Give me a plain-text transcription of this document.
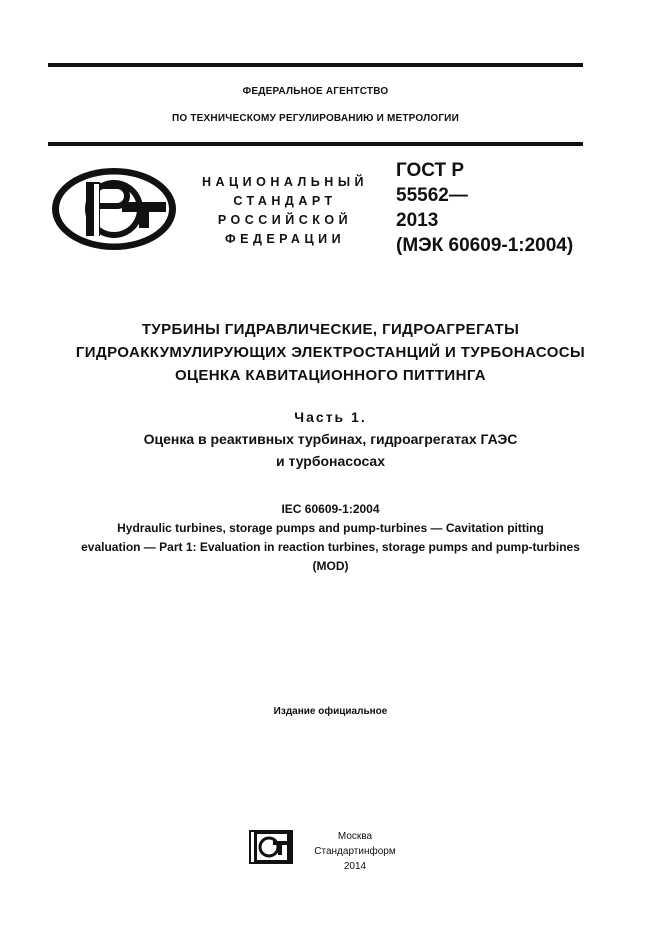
ФЕДЕРАЛЬНОЕ АГЕНТСТВО
ПО ТЕХНИЧЕСКОМУ РЕГУЛИРОВАНИЮ И МЕТРОЛОГИИ
НАЦИОНАЛЬНЫЙ
СТАНДАРТ
РОССИЙСКОЙ
ФЕДЕРАЦИИ
ГОСТ Р
55562—
2013
(МЭК 60609-1:2004)
ТУРБИНЫ ГИДРАВЛИЧЕСКИЕ, ГИДРОАГРЕГАТЫ
ГИДРОАККУМУЛИРУЮЩИХ ЭЛЕКТРОСТАНЦИЙ И ТУРБОНАСОСЫ
ОЦЕНКА КАВИТАЦИОННОГО ПИТТИНГА
Часть 1.
Оценка в реактивных турбинах, гидроагрегатах ГАЭС
и турбонасосах
IEC 60609-1:2004
Hydraulic turbines, storage pumps and pump-turbines — Cavitation pitting
evaluation — Part 1: Evaluation in reaction turbines, storage pumps and pump-turbines
(MOD)
Издание официальное
Москва
Стандартинформ
2014
